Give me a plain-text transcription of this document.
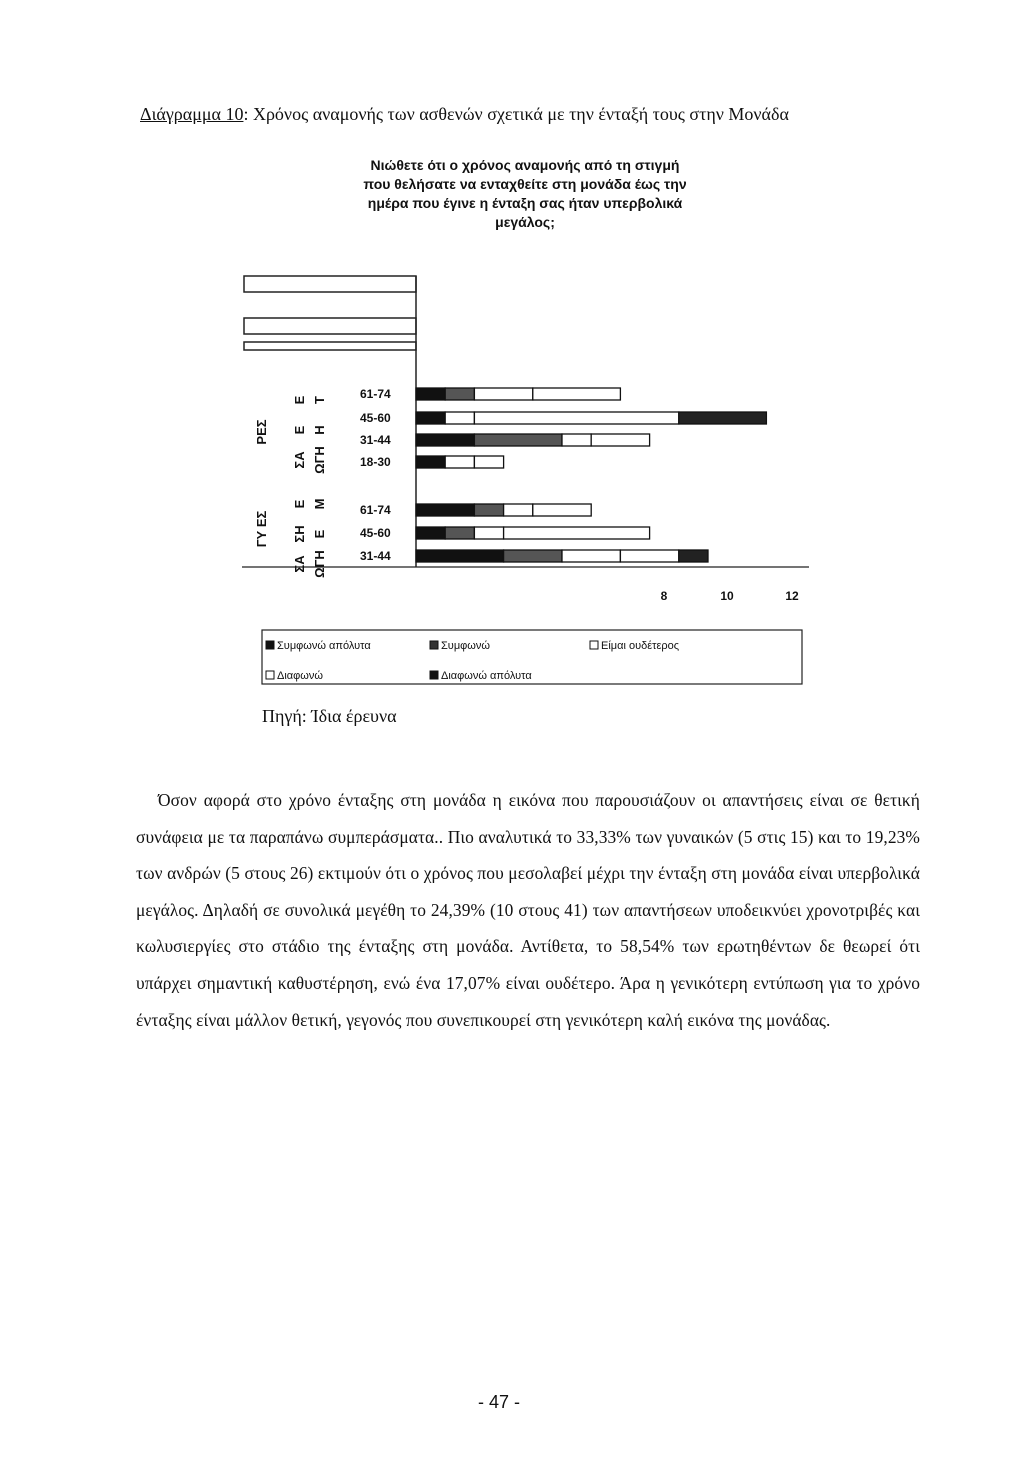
Διάγραμμα 10: Χρόνος αναμονής των ασθενών σχετικά με την ένταξή τους στην Μονάδα
Νιώθετε ότι ο χρόνος αναμονής από τη στιγμή
που θελήσατε να ενταχθείτε στη μονάδα έως την
ημέρα που έγινε η ένταξη σας ήταν υπερβολικά
μεγάλος;
61-74
45-60
31-44
18-30
61-74
45-60
31-44
ΡΕΣ
Ε Τ
Ε Η
ΣΑ ΩΓΗ
ΓΥ ΕΣ
Ε Μ
ΣΗ Ε
ΣΑ ΩΓΗ
8	10	12
Συμφωνώ απόλυτα	Συμφωνώ	Είμαι ουδέτερος
Διαφωνώ	Διαφωνώ απόλυτα
Πηγή: Ίδια έρευνα

Όσον αφορά στο χρόνο ένταξης στη μονάδα η εικόνα που παρουσιάζουν οι απαντήσεις είναι σε θετική συνάφεια με τα παραπάνω συμπεράσματα.. Πιο αναλυτικά το 33,33% των γυναικών (5 στις 15) και το 19,23% των ανδρών (5 στους 26) εκτιμούν ότι ο χρόνος που μεσολαβεί μέχρι την ένταξη στη μονάδα είναι υπερβολικά μεγάλος. Δηλαδή σε συνολικά μεγέθη το 24,39% (10 στους 41) των απαντήσεων υποδεικνύει χρονοτριβές και κωλυσιεργίες στο στάδιο της ένταξης στη μονάδα. Αντίθετα, το 58,54% των ερωτηθέντων δε θεωρεί ότι υπάρχει σημαντική καθυστέρηση, ενώ ένα 17,07% είναι ουδέτερο. Άρα η γενικότερη εντύπωση για το χρόνο ένταξης είναι μάλλον θετική, γεγονός που συνεπικουρεί στη γενικότερη καλή εικόνα της μονάδας.

- 47 -
